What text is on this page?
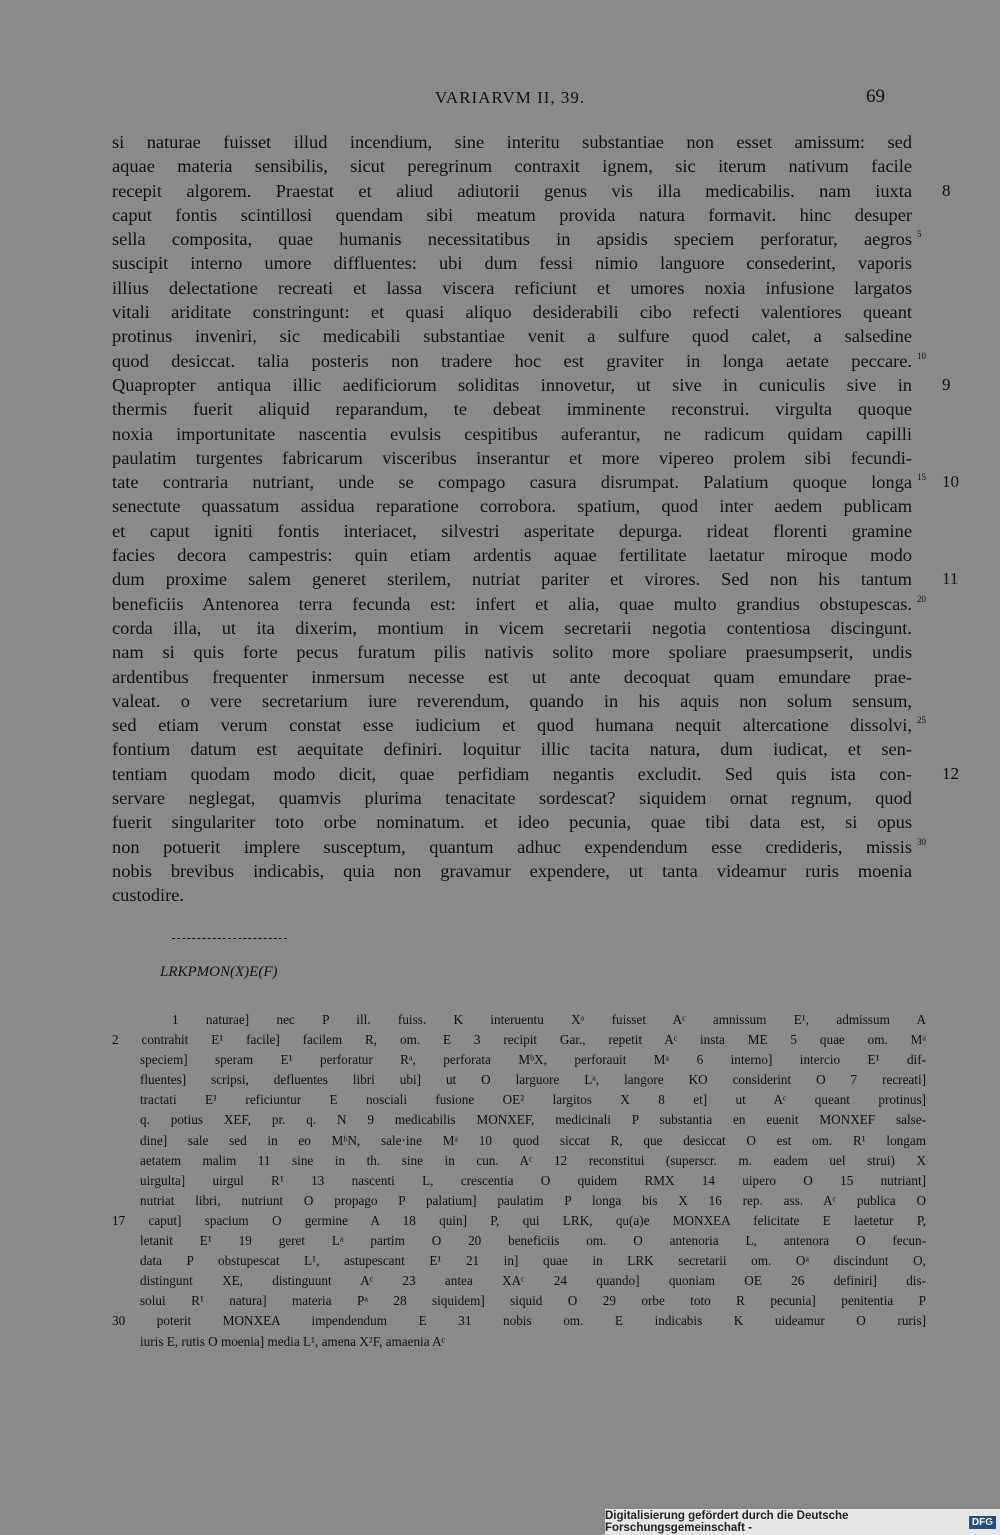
VARIARVM II, 39.	69
si naturae fuisset illud incendium, sine interitu substantiae non esset amissum: sed
aquae materia sensibilis, sicut peregrinum contraxit ignem, sic iterum nativum facile
recepit algorem. Praestat et aliud adiutorii genus vis illa medicabilis. nam iuxta 8
caput fontis scintillosi quendam sibi meatum provida natura formavit. hinc desuper
sella composita, quae humanis necessitatibus in apsidis speciem perforatur, aegros 5
suscipit interno umore diffluentes: ubi dum fessi nimio languore consederint, vaporis
illius delectatione recreati et lassa viscera reficiunt et umores noxia infusione largatos
vitali ariditate constringunt: et quasi aliquo desiderabili cibo refecti valentiores queant
protinus inveniri, sic medicabili substantiae venit a sulfure quod calet, a salsedine
quod desiccat. talia posteris non tradere hoc est graviter in longa aetate peccare. 10
Quapropter antiqua illic aedificiorum soliditas innovetur, ut sive in cuniculis sive in 9
thermis fuerit aliquid reparandum, te debeat imminente reconstrui. virgulta quoque
noxia importunitate nascentia evulsis cespitibus auferantur, ne radicum quidam capilli
paulatim turgentes fabricarum visceribus inserantur et more vipereo prolem sibi fecundi-
tate contraria nutriant, unde se compago casura disrumpat. Palatium quoque longa 15 10
senectute quassatum assidua reparatione corrobora. spatium, quod inter aedem publicam
et caput igniti fontis interiacet, silvestri asperitate depurga. rideat florenti gramine
facies decora campestris: quin etiam ardentis aquae fertilitate laetatur miroque modo
dum proxime salem generet sterilem, nutriat pariter et virores. Sed non his tantum 11
beneficiis Antenorea terra fecunda est: infert et alia, quae multo grandius obstupescas. 20
corda illa, ut ita dixerim, montium in vicem secretarii negotia contentiosa discingunt.
nam si quis forte pecus furatum pilis nativis solito more spoliare praesumpserit, undis
ardentibus frequenter inmersum necesse est ut ante decoquat quam emundare prae-
valeat. o vere secretarium iure reverendum, quando in his aquis non solum sensum,
sed etiam verum constat esse iudicium et quod humana nequit altercatione dissolvi, 25
fontium datum est aequitate definiri. loquitur illic tacita natura, dum iudicat, et sen-
tentiam quodam modo dicit, quae perfidiam negantis excludit. Sed quis ista con- 12
servare neglegat, quamvis plurima tenacitate sordescat? siquidem ornat regnum, quod
fuerit singulariter toto orbe nominatum. et ideo pecunia, quae tibi data est, si opus
non potuerit implere susceptum, quantum adhuc expendendum esse credideris, missis 30
nobis brevibus indicabis, quia non gravamur expendere, ut tanta videamur ruris moenia
custodire.
LRKPMON(X)E(F)
1 naturae] nec P ill. fuiss. K interuentu Xᵃ fuisset Aᶜ amnissum E¹, admissum A
2 contrahit E¹ facile] facilem R, om. E 3 recipit Gar., repetit Aᶜ insta ME 5 quae om. Mᵃ
speciem] speram E¹ perforatur Rᵃ, perforata MᵇX, perforauit Mᵃ 6 interno] intercio E¹ dif-
fluentes] scripsi, defluentes libri ubi] ut O larguore Lᵃ, langore KO considerint O 7 recreati]
tractati E¹ reficiuntur E nosciali fusione OE² largitos X 8 et] ut Aᶜ queant protinus]
q. potius XEF, pr. q. N 9 medicabilis MONXEF, medicinali P substantia en euenit MONXEF salse-
dine] sale sed in eo MᵇN, sale·ine Mᵃ 10 quod siccat R, que desiccat O est om. R¹ longam
aetatem malim 11 sine in th. sine in cun. Aᶜ 12 reconstitui (superscr. m. eadem uel strui) X
uirgulta] uirgul R¹ 13 nascenti L, crescentia O quidem RMX 14 uipero O 15 nutriant]
nutriat libri, nutriunt O propago P palatium] paulatim P longa bis X 16 rep. ass. Aᶜ publica O
17 caput] spacium O germine A 18 quin] P, qui LRK, qu(a)e MONXEA felicitate E laetetur P,
letanit E¹ 19 geret Lᵃ partim O 20 beneficiis om. O antenoria L, antenora O fecun-
data P obstupescat L¹, astupescant E¹ 21 in] quae in LRK secretarii om. Oᵃ discindunt O,
distingunt XE, distinguunt Aᶜ 23 antea XAᶜ 24 quando] quoniam OE 26 definiri] dis-
solui R¹ natura] materia Pᵃ 28 siquidem] siquid O 29 orbe toto R pecunia] penitentia P
30 poterit MONXEA impendendum E 31 nobis om. E indicabis K uideamur O ruris]
iuris E, rutis O moenia] media L¹, amena X²F, amaenia Aᶜ
Digitalisierung gefördert durch die Deutsche Forschungsgemeinschaft -	DFG
